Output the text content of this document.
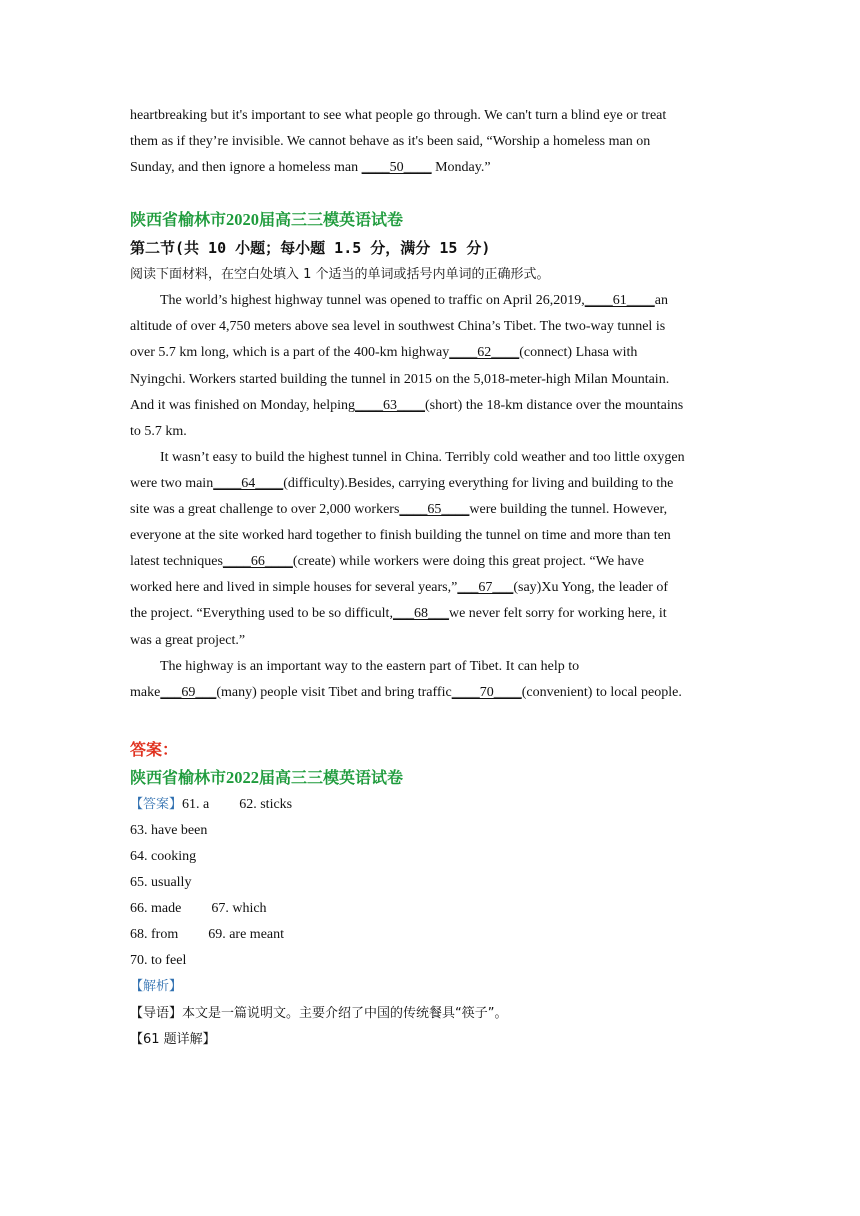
heartbreaking but it's important to see what people go through. We can't turn a blind eye or treat
them as if they’re invisible. We cannot behave as it's been said, “Worship a homeless man on
Sunday, and then ignore a homeless man ____50____ Monday.”
陕西省榆林市2020届高三三模英语试卷
第二节(共 10 小题；每小题 1.5 分，满分 15 分)
阅读下面材料，在空白处填入 1 个适当的单词或括号内单词的正确形式。
The world’s highest highway tunnel was opened to traffic on April 26,2019,____61____an
altitude of over 4,750 meters above sea level in southwest China’s Tibet. The two-way tunnel is
over 5.7 km long, which is a part of the 400-km highway____62____(connect) Lhasa with
Nyingchi. Workers started building the tunnel in 2015 on the 5,018-meter-high Milan Mountain.
And it was finished on Monday, helping____63____(short) the 18-km distance over the mountains
to 5.7 km.
It wasn’t easy to build the highest tunnel in China. Terribly cold weather and too little oxygen
were two main____64____(difficulty).Besides, carrying everything for living and building to the
site was a great challenge to over 2,000 workers____65____were building the tunnel. However,
everyone at the site worked hard together to finish building the tunnel on time and more than ten
latest techniques____66____(create) while workers were doing this great project. “We have
worked here and lived in simple houses for several years,”___67___(say)Xu Yong, the leader of
the project. “Everything used to be so difficult,___68___we never felt sorry for working here, it
was a great project.”
The highway is an important way to the eastern part of Tibet. It can help to
make___69___(many) people visit Tibet and bring traffic____70____(convenient) to local people.
答案：
陕西省榆林市2022届高三三模英语试卷
【答案】61. a 62. sticks
63. have been
64. cooking
65. usually
66. made 67. which
68. from 69. are meant
70. to feel
【解析】
【导语】本文是一篇说明文。主要介绍了中国的传统餐具“筷子”。
【61 题详解】
